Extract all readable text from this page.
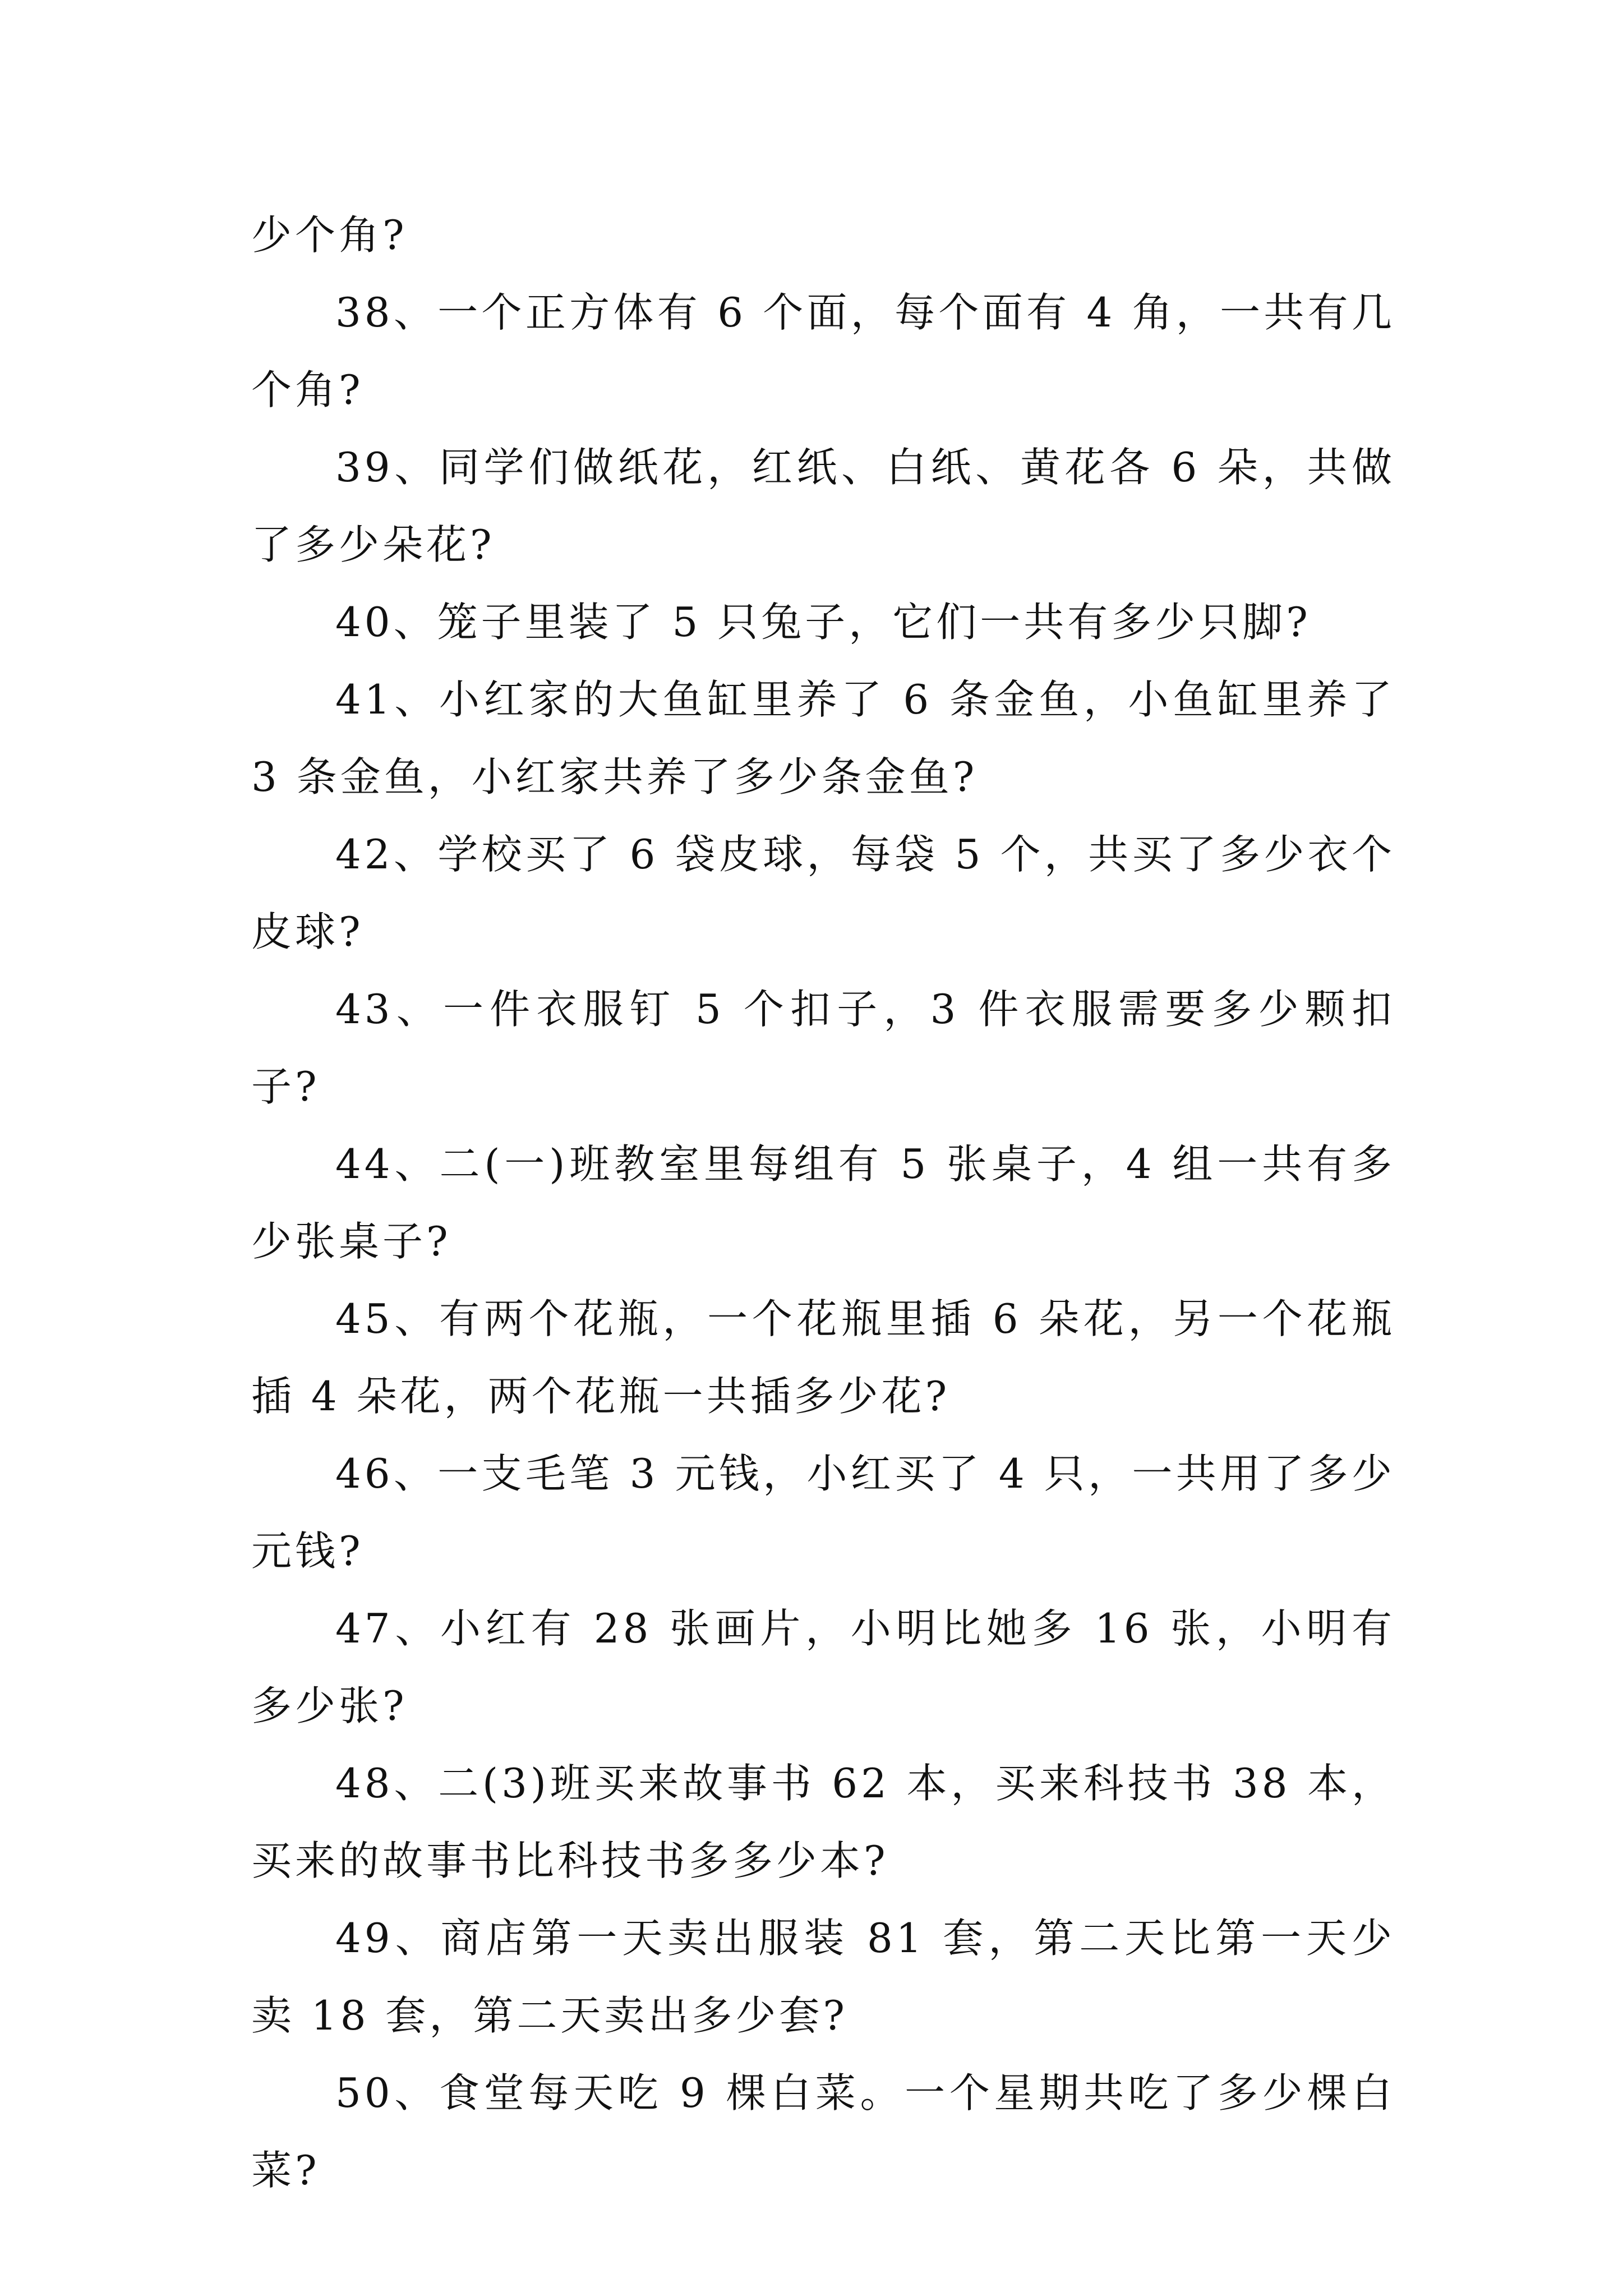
少个角?

38、一个正方体有 6 个面，每个面有 4 角，一共有几个角?

39、同学们做纸花，红纸、白纸、黄花各 6 朵，共做了多少朵花?

40、笼子里装了 5 只兔子，它们一共有多少只脚?

41、小红家的大鱼缸里养了 6 条金鱼，小鱼缸里养了 3 条金鱼，小红家共养了多少条金鱼?

42、学校买了 6 袋皮球，每袋 5 个，共买了多少衣个皮球?

43、一件衣服钉 5 个扣子，3 件衣服需要多少颗扣子?

44、二(一)班教室里每组有 5 张桌子，4 组一共有多少张桌子?

45、有两个花瓶，一个花瓶里插 6 朵花，另一个花瓶插 4 朵花，两个花瓶一共插多少花?

46、一支毛笔 3 元钱，小红买了 4 只，一共用了多少元钱?

47、小红有 28 张画片，小明比她多 16 张，小明有多少张?

48、二(3)班买来故事书 62 本，买来科技书 38 本，买来的故事书比科技书多多少本?

49、商店第一天卖出服装 81 套，第二天比第一天少卖 18 套，第二天卖出多少套?

50、食堂每天吃 9 棵白菜。一个星期共吃了多少棵白菜?
